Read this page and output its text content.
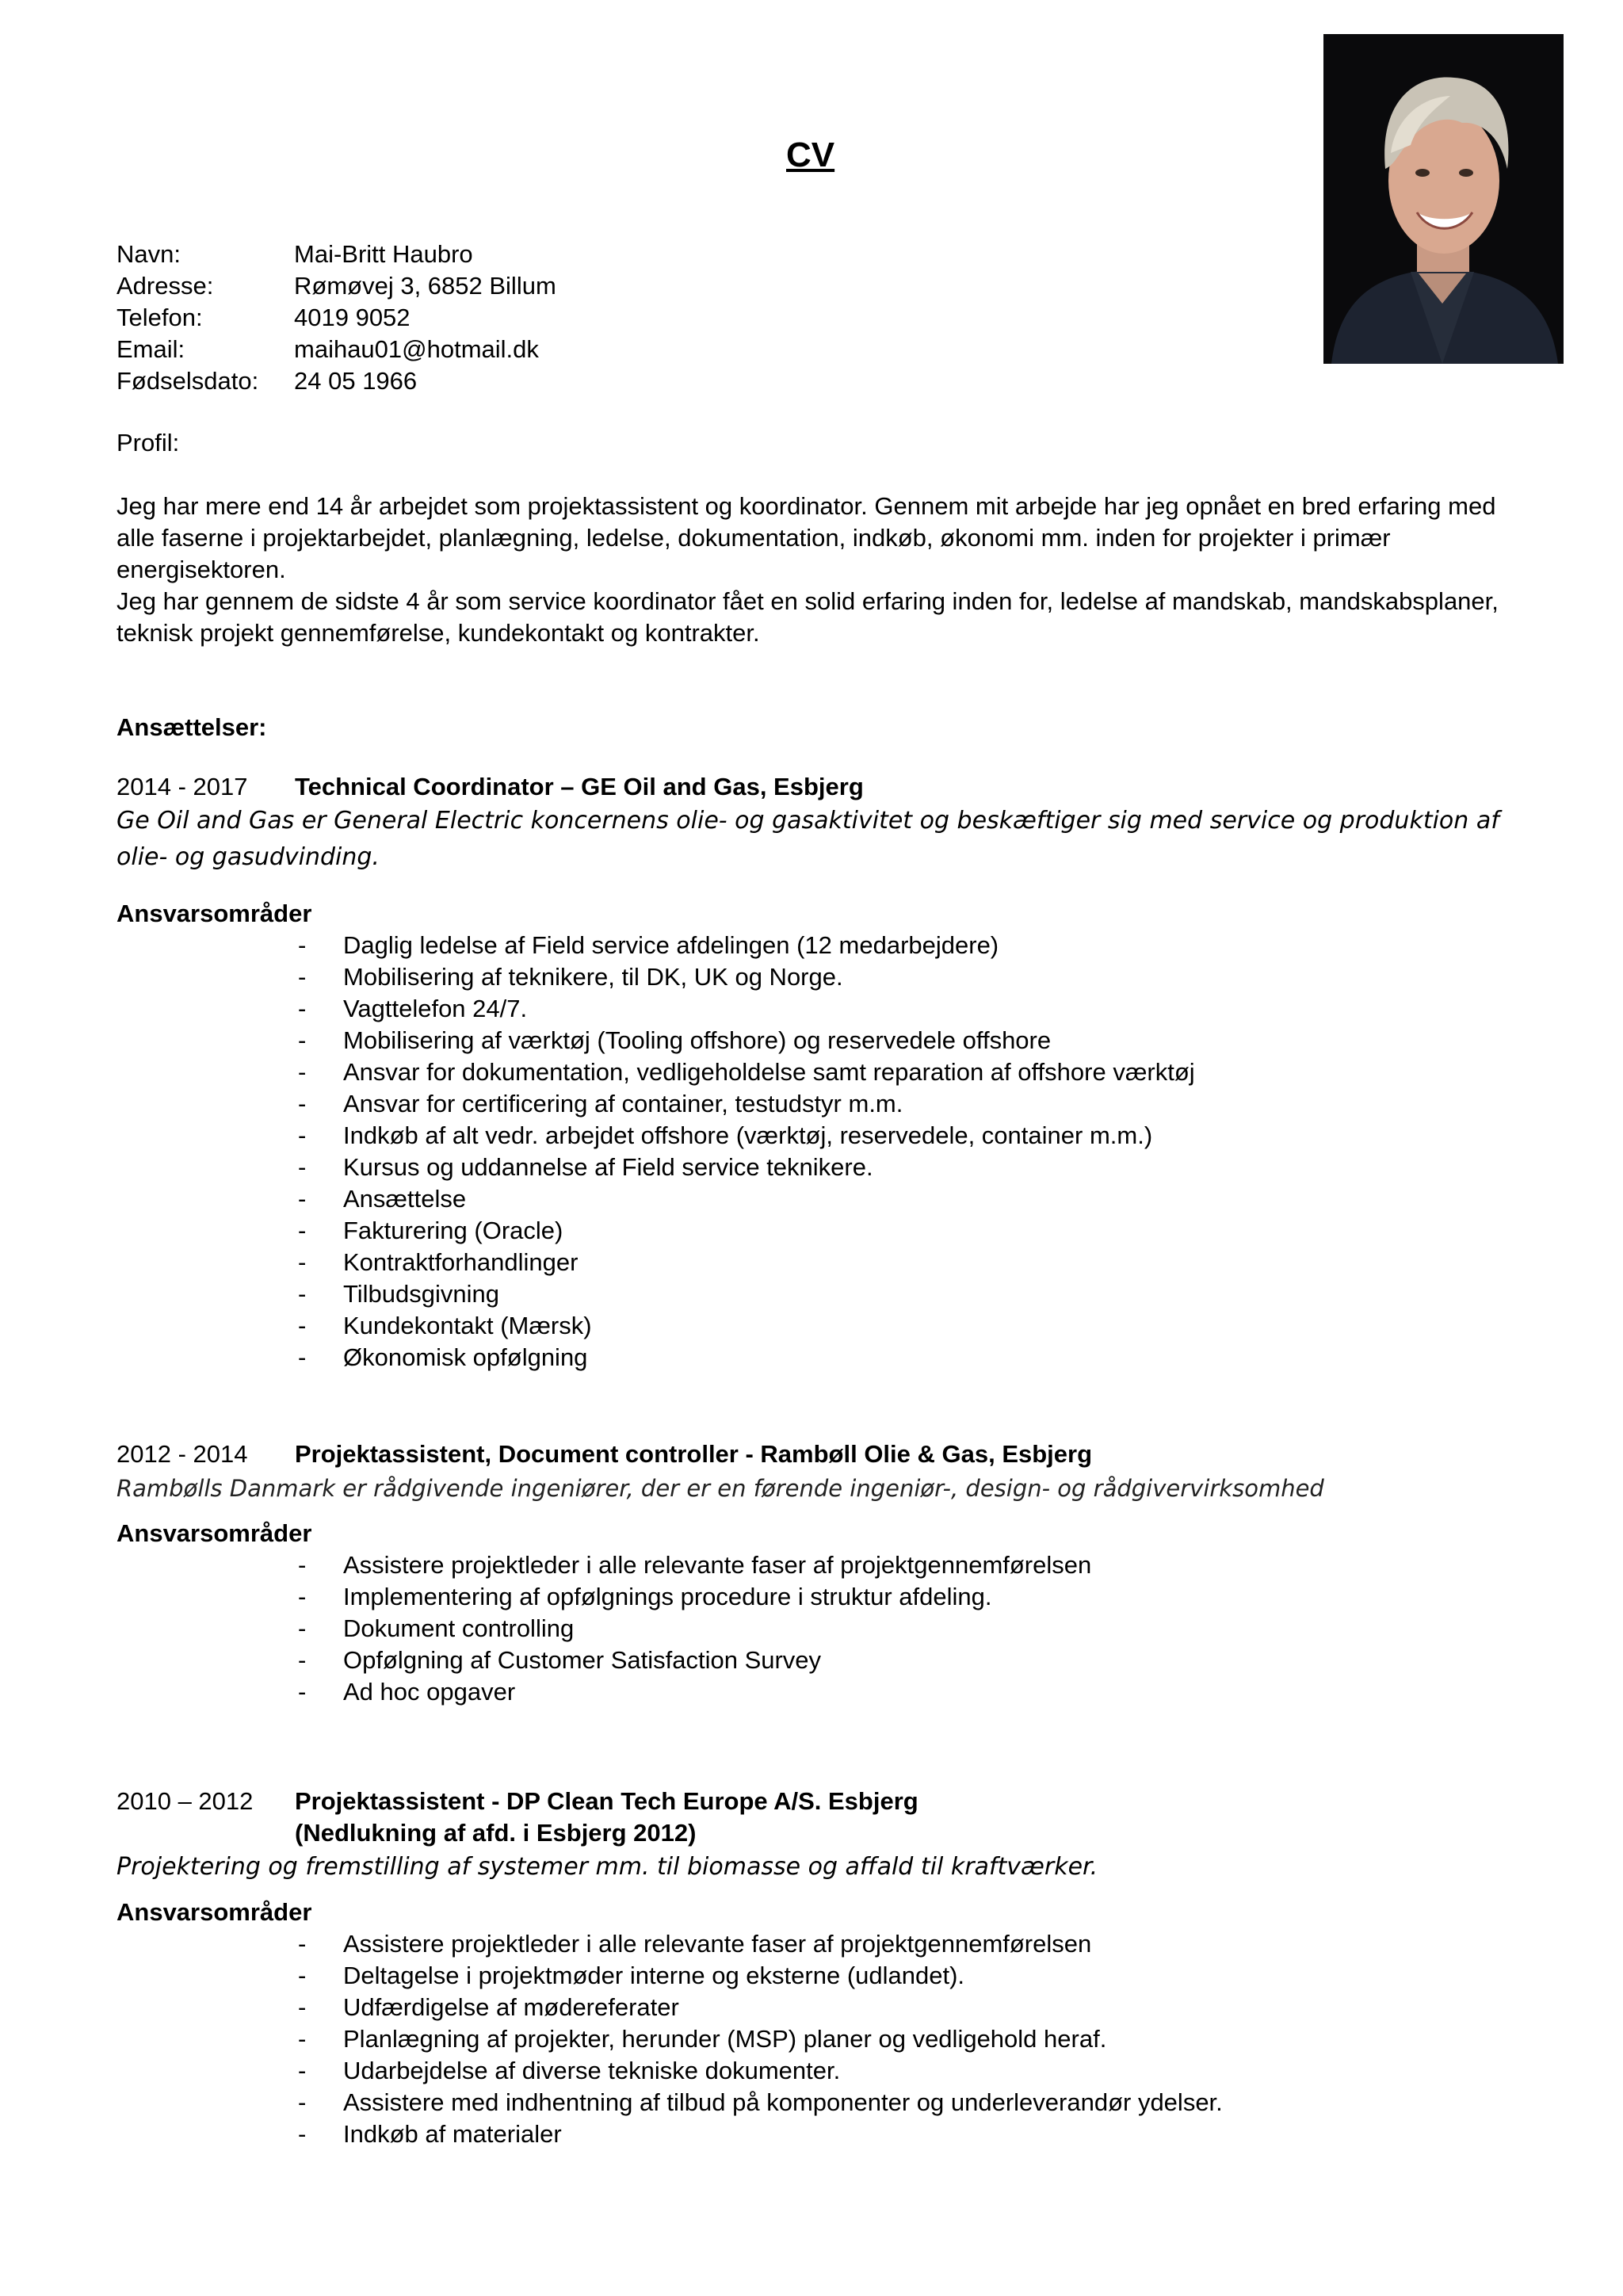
CV
Navn:	Mai-Britt Haubro
Adresse:	Rømøvej 3, 6852 Billum
Telefon:	4019 9052
Email:	maihau01@hotmail.dk
Fødselsdato:	24 05 1966
Profil:

Jeg har mere end 14 år arbejdet som projektassistent og koordinator. Gennem mit arbejde har jeg opnået en bred erfaring med alle faserne i projektarbejdet, planlægning, ledelse, dokumentation, indkøb, økonomi mm. inden for projekter i primær energisektoren.

Jeg har gennem de sidste 4 år som service koordinator fået en solid erfaring inden for, ledelse af mandskab, mandskabsplaner, teknisk projekt gennemførelse, kundekontakt og kontrakter.

Ansættelser:
2014 - 2017	Technical Coordinator – GE Oil and Gas, Esbjerg
Ge Oil and Gas er General Electric koncernens olie- og gasaktivitet og beskæftiger sig med service og produktion af olie- og gasudvinding.
Ansvarsområder
-	Daglig ledelse af Field service afdelingen (12 medarbejdere)
-	Mobilisering af teknikere, til DK, UK og Norge.
-	Vagttelefon 24/7.
-	Mobilisering af værktøj (Tooling offshore) og reservedele offshore
-	Ansvar for dokumentation, vedligeholdelse samt reparation af offshore værktøj
-	Ansvar for certificering af container, testudstyr m.m.
-	Indkøb af alt vedr. arbejdet offshore (værktøj, reservedele, container m.m.)
-	Kursus og uddannelse af Field service teknikere.
-	Ansættelse
-	Fakturering (Oracle)
-	Kontraktforhandlinger
-	Tilbudsgivning
-	Kundekontakt (Mærsk)
-	Økonomisk opfølgning
2012 - 2014	Projektassistent, Document controller - Rambøll Olie & Gas, Esbjerg
Rambølls Danmark er rådgivende ingeniører, der er en førende ingeniør-, design- og rådgivervirksomhed
Ansvarsområder
-	Assistere projektleder i alle relevante faser af projektgennemførelsen
-	Implementering af opfølgnings procedure i struktur afdeling.
-	Dokument controlling
-	Opfølgning af Customer Satisfaction Survey
-	Ad hoc opgaver
2010 – 2012	Projektassistent - DP Clean Tech Europe A/S. Esbjerg
(Nedlukning af afd. i Esbjerg 2012)
Projektering og fremstilling af systemer mm. til biomasse og affald til kraftværker.
Ansvarsområder
-	Assistere projektleder i alle relevante faser af projektgennemførelsen
-	Deltagelse i projektmøder interne og eksterne (udlandet).
-	Udfærdigelse af mødereferater
-	Planlægning af projekter, herunder (MSP) planer og vedligehold heraf.
-	Udarbejdelse af diverse tekniske dokumenter.
-	Assistere med indhentning af tilbud på komponenter og underleverandør ydelser.
-	Indkøb af materialer
